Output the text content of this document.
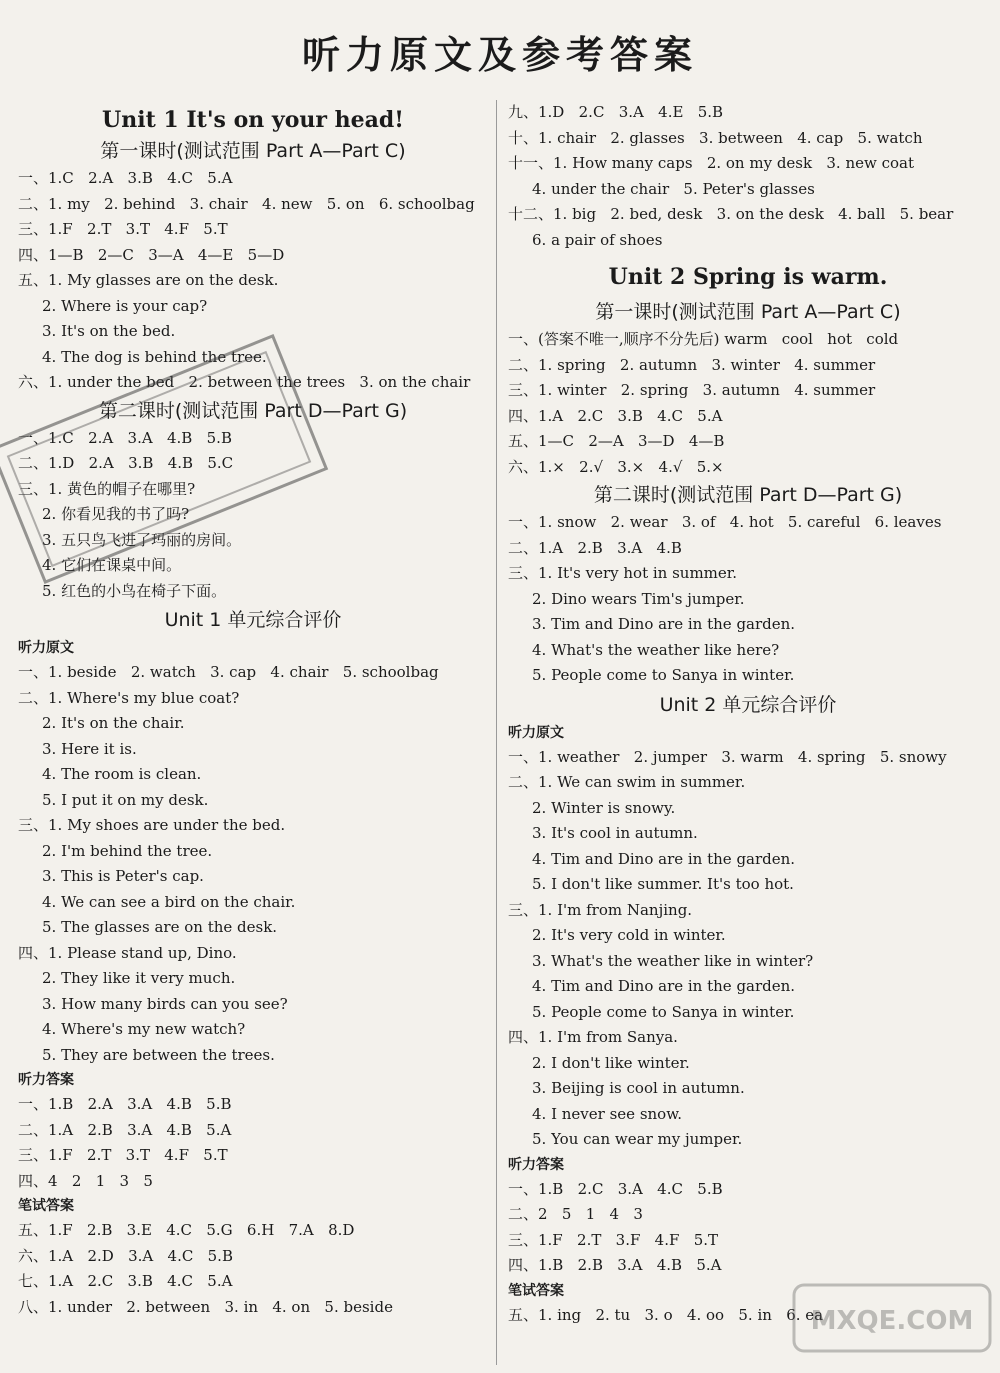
听力原文及参考答案
Unit 1 It's on your head!
第一课时(测试范围 Part A—Part C)
一、1.C   2.A   3.B   4.C   5.A
二、1. my   2. behind   3. chair   4. new   5. on   6. schoolbag
三、1.F   2.T   3.T   4.F   5.T
四、1—B   2—C   3—A   4—E   5—D
五、1. My glasses are on the desk.
2. Where is your cap?
3. It's on the bed.
4. The dog is behind the tree.
六、1. under the bed   2. between the trees   3. on the chair
第二课时(测试范围 Part D—Part G)
一、1.C   2.A   3.A   4.B   5.B
二、1.D   2.A   3.B   4.B   5.C
三、1. 黄色的帽子在哪里?
2. 你看见我的书了吗?
3. 五只鸟飞进了玛丽的房间。
4. 它们在课桌中间。
5. 红色的小鸟在椅子下面。
Unit 1 单元综合评价
听力原文
一、1. beside   2. watch   3. cap   4. chair   5. schoolbag
二、1. Where's my blue coat?
2. It's on the chair.
3. Here it is.
4. The room is clean.
5. I put it on my desk.
三、1. My shoes are under the bed.
2. I'm behind the tree.
3. This is Peter's cap.
4. We can see a bird on the chair.
5. The glasses are on the desk.
四、1. Please stand up, Dino.
2. They like it very much.
3. How many birds can you see?
4. Where's my new watch?
5. They are between the trees.
听力答案
一、1.B   2.A   3.A   4.B   5.B
二、1.A   2.B   3.A   4.B   5.A
三、1.F   2.T   3.T   4.F   5.T
四、4   2   1   3   5
笔试答案
五、1.F   2.B   3.E   4.C   5.G   6.H   7.A   8.D
六、1.A   2.D   3.A   4.C   5.B
七、1.A   2.C   3.B   4.C   5.A
八、1. under   2. between   3. in   4. on   5. beside
九、1.D   2.C   3.A   4.E   5.B
十、1. chair   2. glasses   3. between   4. cap   5. watch
十一、1. How many caps   2. on my desk   3. new coat
4. under the chair   5. Peter's glasses
十二、1. big   2. bed, desk   3. on the desk   4. ball   5. bear
6. a pair of shoes
Unit 2 Spring is warm.
第一课时(测试范围 Part A—Part C)
一、(答案不唯一,顺序不分先后) warm   cool   hot   cold
二、1. spring   2. autumn   3. winter   4. summer
三、1. winter   2. spring   3. autumn   4. summer
四、1.A   2.C   3.B   4.C   5.A
五、1—C   2—A   3—D   4—B
六、1.×   2.√   3.×   4.√   5.×
第二课时(测试范围 Part D—Part G)
一、1. snow   2. wear   3. of   4. hot   5. careful   6. leaves
二、1.A   2.B   3.A   4.B
三、1. It's very hot in summer.
2. Dino wears Tim's jumper.
3. Tim and Dino are in the garden.
4. What's the weather like here?
5. People come to Sanya in winter.
Unit 2 单元综合评价
听力原文
一、1. weather   2. jumper   3. warm   4. spring   5. snowy
二、1. We can swim in summer.
2. Winter is snowy.
3. It's cool in autumn.
4. Tim and Dino are in the garden.
5. I don't like summer. It's too hot.
三、1. I'm from Nanjing.
2. It's very cold in winter.
3. What's the weather like in winter?
4. Tim and Dino are in the garden.
5. People come to Sanya in winter.
四、1. I'm from Sanya.
2. I don't like winter.
3. Beijing is cool in autumn.
4. I never see snow.
5. You can wear my jumper.
听力答案
一、1.B   2.C   3.A   4.C   5.B
二、2   5   1   4   3
三、1.F   2.T   3.F   4.F   5.T
四、1.B   2.B   3.A   4.B   5.A
笔试答案
五、1. ing   2. tu   3. o   4. oo   5. in   6. ea
MXQE.COM
